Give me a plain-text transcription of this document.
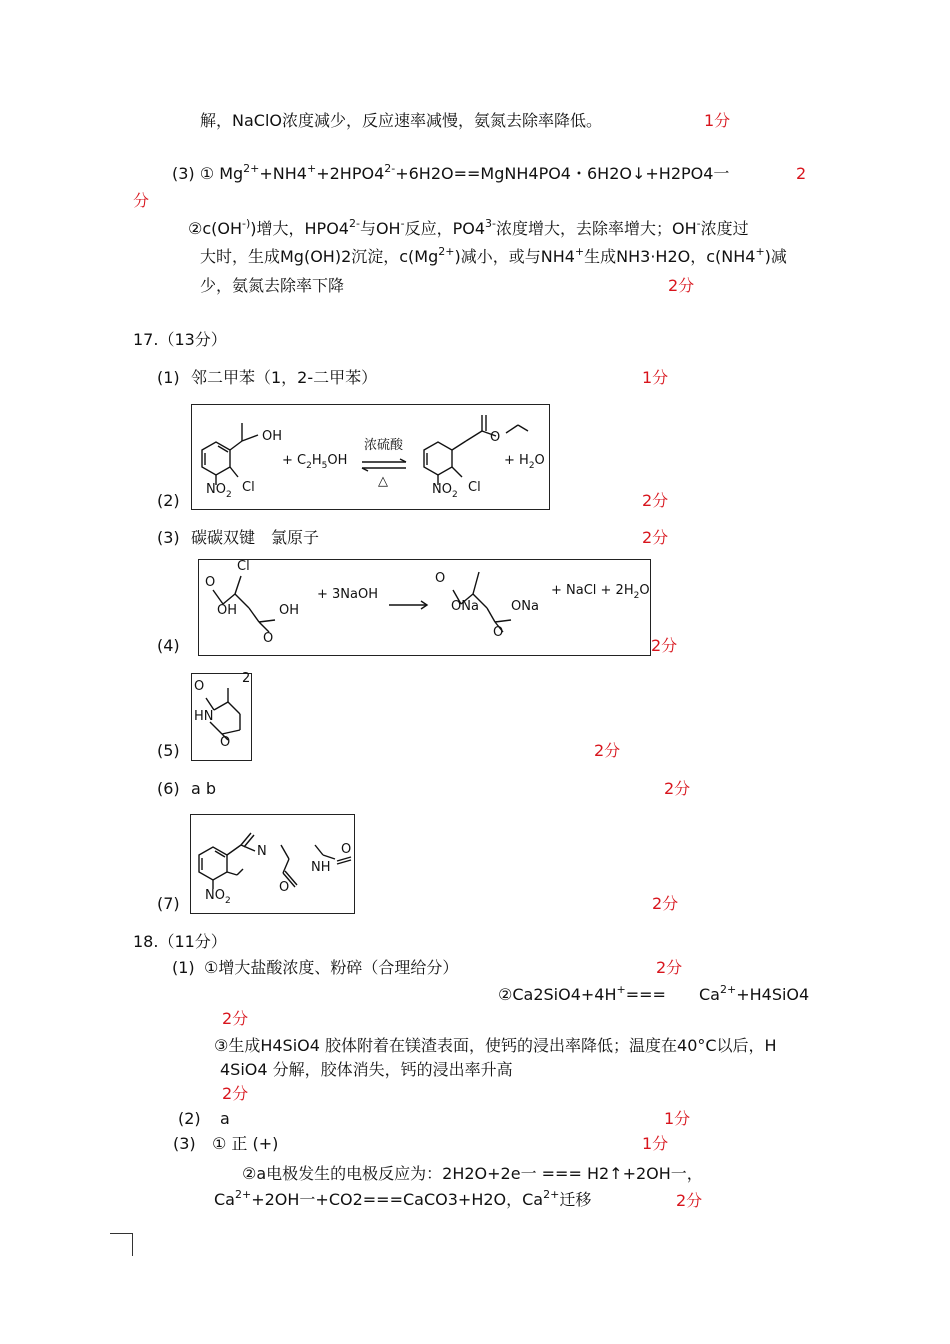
解，NaClO浓度减少，反应速率减慢，氨氮去除率降低。	1分
(3) ① $Mg^{2+}+NH4^++2HPO4^{2-}+6H2O==MgNH4PO4$・6H2O↓+H2PO4一	2
分
②c(OH-))增大，$HPO4^{2-}$与OH-反应，$PO4^{3-}$浓度增大，去除率增大；OH-浓度过
大时，生成Mg(OH)2沉淀，$c(Mg^{2+})$减小，或与NH4+生成NH3·H2O，c(NH4+)减
少，氨氮去除率下降	2分
17.（13分）
(1) 邻二甲苯（1，2-二甲苯）	1分
OH
$NO_2$ Cl
+ $C_2H_5OH$
浓硫酸
△
O
$NO_2$ Cl
+ $H_2O$
(2)	2分
(3) 碳碳双键　氯原子	2分
Cl
O
OH	OH
O
+ 3NaOH
O
ONa ONa
O
+ NaCl + $2H_2O$
(4)	2分
O
HN
O
2
(5)	2分
(6) a b	2分
N
$NO_2$
O
NH
O
(7)	2分
18.（11分）
(1) ①增大盐酸浓度、粉碎（合理给分）	2分
②Ca2SiO4+4H+=== $Ca^{2+}+H4SiO4$
2分
③生成H4SiO4 胶体附着在镁渣表面，使钙的浸出率降低；温度在40°C以后，H
4SiO4 分解，胶体消失，钙的浸出率升高
2分
(2) a	1分
(3) ① 正 (+)	1分
②a电极发生的电极反应为：2H2O+2e一 === H2↑+2OH一，
$Ca^{2+}+2OH$一+CO2===CaCO3+H2O，$Ca^{2+}$迁移	2分
